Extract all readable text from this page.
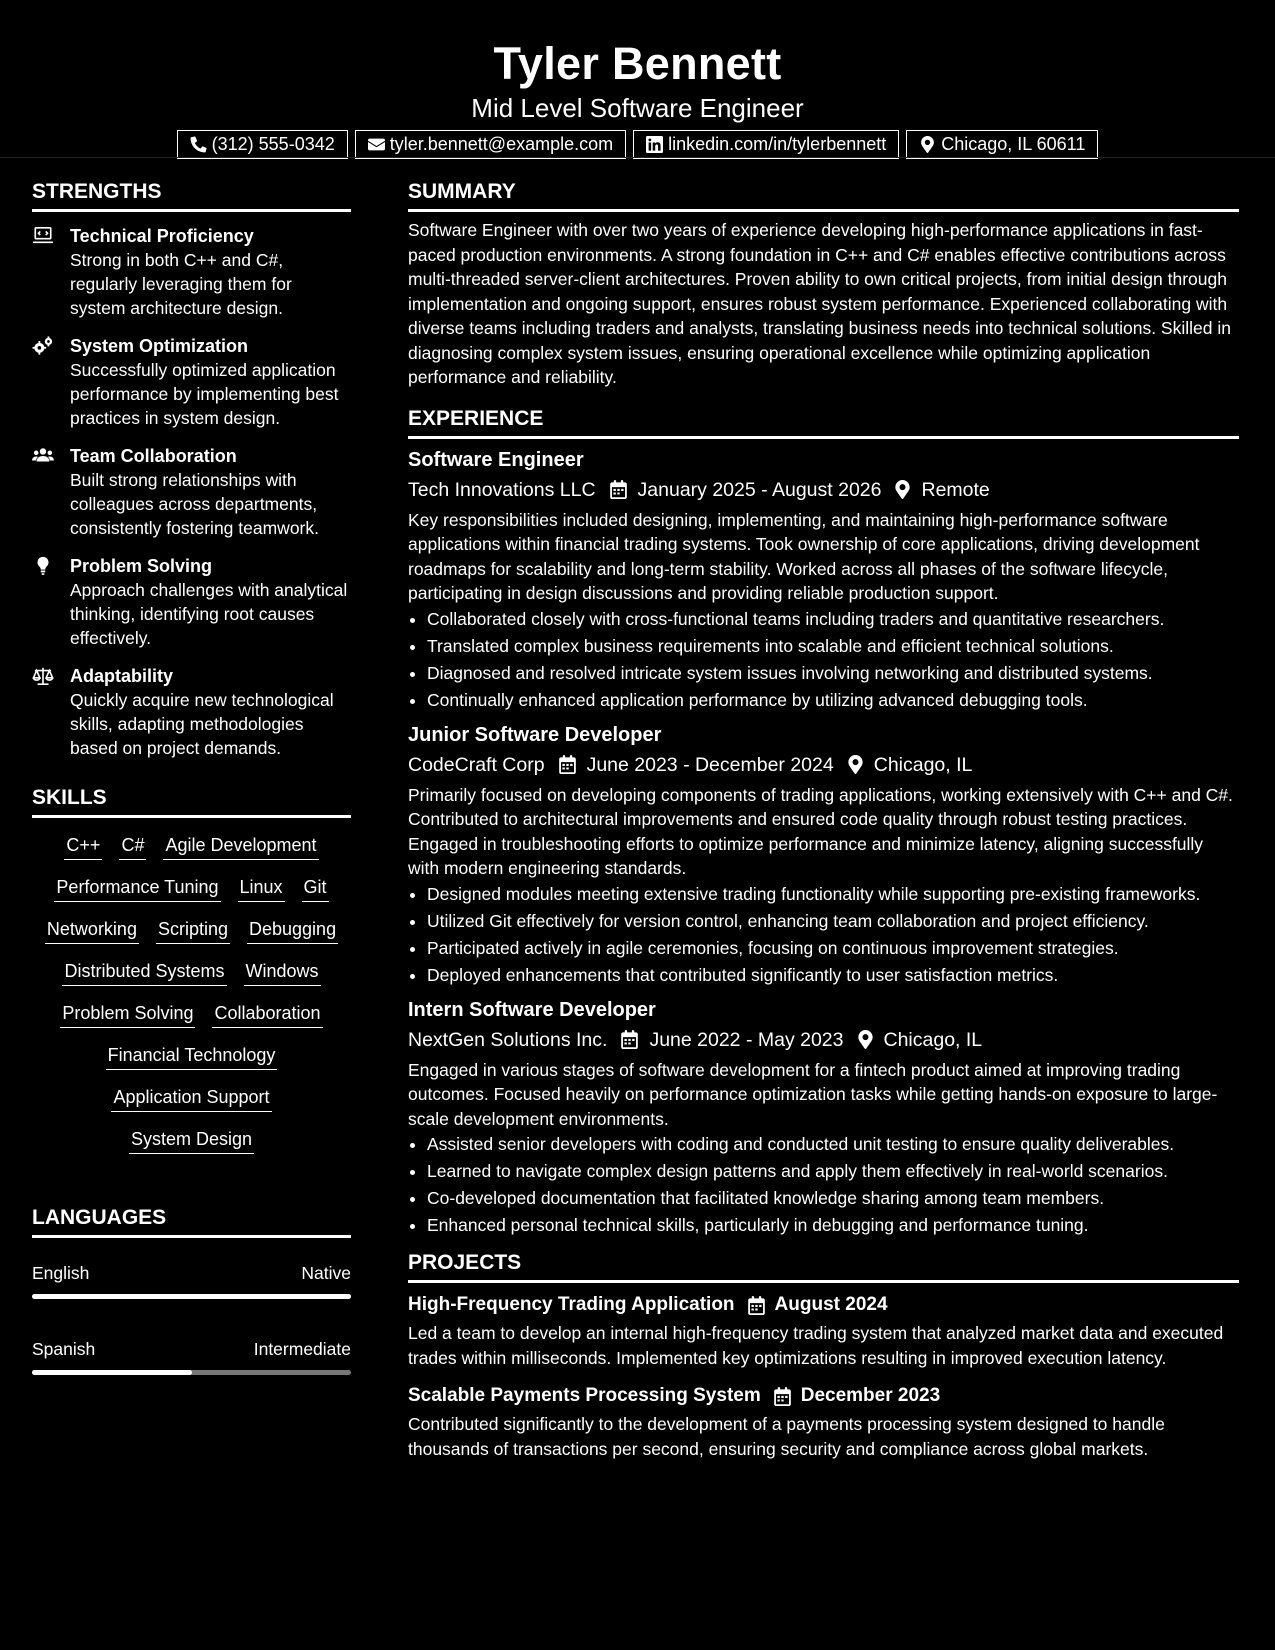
Tyler Bennett
Mid Level Software Engineer
(312) 555-0342	tyler.bennett@example.com	linkedin.com/in/tylerbennett	Chicago, IL 60611
STRENGTHS
Technical Proficiency
Strong in both C++ and C#, regularly leveraging them for system architecture design.
System Optimization
Successfully optimized application performance by implementing best practices in system design.
Team Collaboration
Built strong relationships with colleagues across departments, consistently fostering teamwork.
Problem Solving
Approach challenges with analytical thinking, identifying root causes effectively.
Adaptability
Quickly acquire new technological skills, adapting methodologies based on project demands.
SKILLS
C++ C# Agile Development
Performance Tuning Linux Git
Networking Scripting Debugging
Distributed Systems Windows
Problem Solving Collaboration
Financial Technology
Application Support
System Design
LANGUAGES
English	Native
Spanish	Intermediate
SUMMARY
Software Engineer with over two years of experience developing high-performance applications in fast-paced production environments. A strong foundation in C++ and C# enables effective contributions across multi-threaded server-client architectures. Proven ability to own critical projects, from initial design through implementation and ongoing support, ensures robust system performance. Experienced collaborating with diverse teams including traders and analysts, translating business needs into technical solutions. Skilled in diagnosing complex system issues, ensuring operational excellence while optimizing application performance and reliability.
EXPERIENCE
Software Engineer
Tech Innovations LLC January 2025 - August 2026 Remote
Key responsibilities included designing, implementing, and maintaining high-performance software applications within financial trading systems. Took ownership of core applications, driving development roadmaps for scalability and long-term stability. Worked across all phases of the software lifecycle, participating in design discussions and providing reliable production support.
• Collaborated closely with cross-functional teams including traders and quantitative researchers.
• Translated complex business requirements into scalable and efficient technical solutions.
• Diagnosed and resolved intricate system issues involving networking and distributed systems.
• Continually enhanced application performance by utilizing advanced debugging tools.
Junior Software Developer
CodeCraft Corp June 2023 - December 2024 Chicago, IL
Primarily focused on developing components of trading applications, working extensively with C++ and C#. Contributed to architectural improvements and ensured code quality through robust testing practices. Engaged in troubleshooting efforts to optimize performance and minimize latency, aligning successfully with modern engineering standards.
• Designed modules meeting extensive trading functionality while supporting pre-existing frameworks.
• Utilized Git effectively for version control, enhancing team collaboration and project efficiency.
• Participated actively in agile ceremonies, focusing on continuous improvement strategies.
• Deployed enhancements that contributed significantly to user satisfaction metrics.
Intern Software Developer
NextGen Solutions Inc. June 2022 - May 2023 Chicago, IL
Engaged in various stages of software development for a fintech product aimed at improving trading outcomes. Focused heavily on performance optimization tasks while getting hands-on exposure to large-scale development environments.
• Assisted senior developers with coding and conducted unit testing to ensure quality deliverables.
• Learned to navigate complex design patterns and apply them effectively in real-world scenarios.
• Co-developed documentation that facilitated knowledge sharing among team members.
• Enhanced personal technical skills, particularly in debugging and performance tuning.
PROJECTS
High-Frequency Trading Application August 2024
Led a team to develop an internal high-frequency trading system that analyzed market data and executed trades within milliseconds. Implemented key optimizations resulting in improved execution latency.
Scalable Payments Processing System December 2023
Contributed significantly to the development of a payments processing system designed to handle thousands of transactions per second, ensuring security and compliance across global markets.
